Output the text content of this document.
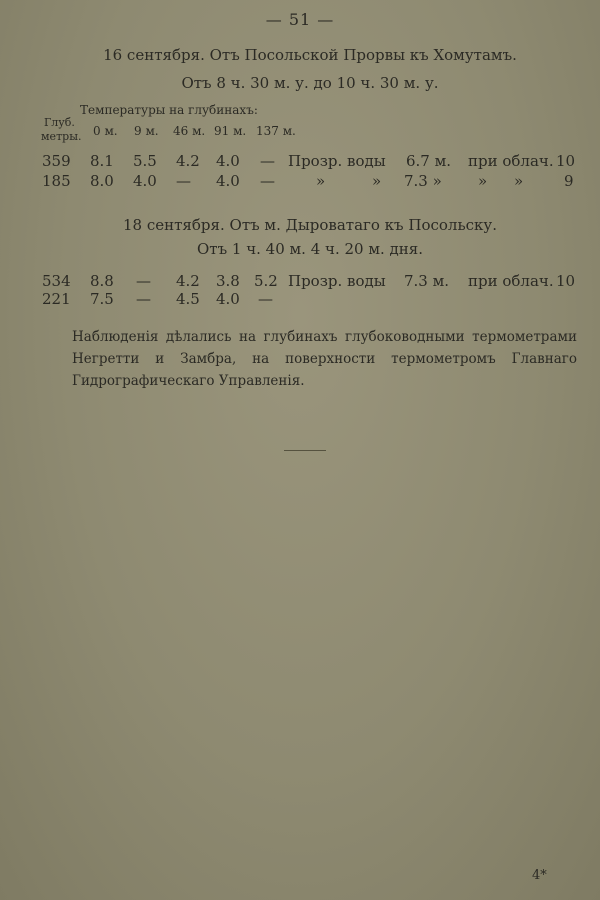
— 51 —
16 сентября. Отъ Посольской Прорвы къ Хомутамъ.
Отъ 8 ч. 30 м. у. до 10 ч. 30 м. у.
Температуры на глубинахъ:
Глуб.
метры. 0 м. 9 м. 46 м. 91 м. 137 м.
359 8.1 5.5 4.2 4.0 — Прозр. воды 6.7 м. при облач. 10
185 8.0 4.0 — 4.0 —	»	» 7.3 » » »	9
18 сентября. Отъ м. Дыроватаго къ Посольску.
Отъ 1 ч. 40 м. 4 ч. 20 м. дня.
534 8.8 — 4.2 3.8 5.2 Прозр. воды 7.3 м. при облач. 10
221 7.5 — 4.5 4.0 —
Наблюденія дѣлались на глубинахъ глубоководными термометрами Негретти и Замбра, на поверхности термометромъ Главнаго Гидрографическаго Управленія.
4*
